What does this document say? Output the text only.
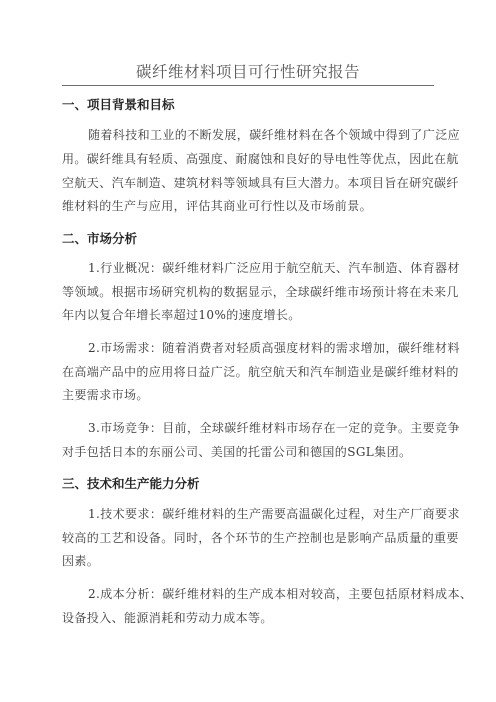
碳纤维材料项目可行性研究报告
一、项目背景和目标
随着科技和工业的不断发展，碳纤维材料在各个领域中得到了广泛应
用。碳纤维具有轻质、高强度、耐腐蚀和良好的导电性等优点，因此在航
空航天、汽车制造、建筑材料等领域具有巨大潜力。本项目旨在研究碳纤
维材料的生产与应用，评估其商业可行性以及市场前景。
二、市场分析
1.行业概况：碳纤维材料广泛应用于航空航天、汽车制造、体育器材
等领域。根据市场研究机构的数据显示，全球碳纤维市场预计将在未来几
年内以复合年增长率超过10%的速度增长。
2.市场需求：随着消费者对轻质高强度材料的需求增加，碳纤维材料
在高端产品中的应用将日益广泛。航空航天和汽车制造业是碳纤维材料的
主要需求市场。
3.市场竞争：目前，全球碳纤维材料市场存在一定的竞争。主要竞争
对手包括日本的东丽公司、美国的托雷公司和德国的SGL集团。
三、技术和生产能力分析
1.技术要求：碳纤维材料的生产需要高温碳化过程，对生产厂商要求
较高的工艺和设备。同时，各个环节的生产控制也是影响产品质量的重要
因素。
2.成本分析：碳纤维材料的生产成本相对较高，主要包括原材料成本、
设备投入、能源消耗和劳动力成本等。
